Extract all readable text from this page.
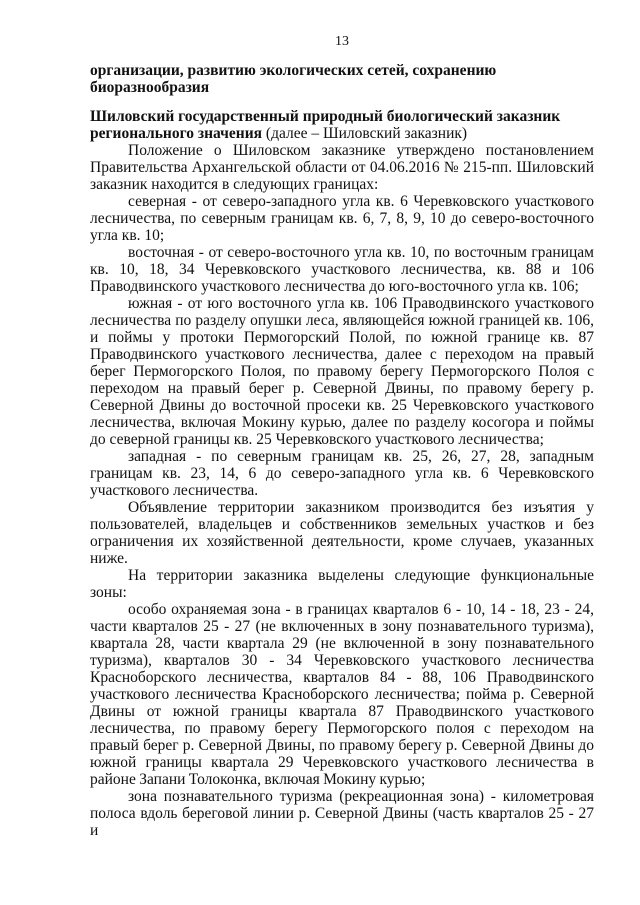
13
организации, развитию экологических сетей, сохранению биоразнообразия
Шиловский государственный природный биологический заказник регионального значения (далее – Шиловский заказник)

Положение о Шиловском заказнике утверждено постановлением Правительства Архангельской области от 04.06.2016 № 215-пп. Шиловский заказник находится в следующих границах:

северная - от северо-западного угла кв. 6 Черевковского участкового лесничества, по северным границам кв. 6, 7, 8, 9, 10 до северо-восточного угла кв. 10;

восточная - от северо-восточного угла кв. 10, по восточным границам кв. 10, 18, 34 Черевковского участкового лесничества, кв. 88 и 106 Праводвинского участкового лесничества до юго-восточного угла кв. 106;

южная - от юго восточного угла кв. 106 Праводвинского участкового лесничества по разделу опушки леса, являющейся южной границей кв. 106, и поймы у протоки Пермогорский Полой, по южной границе кв. 87 Праводвинского участкового лесничества, далее с переходом на правый берег Пермогорского Полоя, по правому берегу Пермогорского Полоя с переходом на правый берег р. Северной Двины, по правому берегу р. Северной Двины до восточной просеки кв. 25 Черевковского участкового лесничества, включая Мокину курью, далее по разделу косогора и поймы до северной границы кв. 25 Черевковского участкового лесничества;

западная - по северным границам кв. 25, 26, 27, 28, западным границам кв. 23, 14, 6 до северо-западного угла кв. 6 Черевковского участкового лесничества.

Объявление территории заказником производится без изъятия у пользователей, владельцев и собственников земельных участков и без ограничения их хозяйственной деятельности, кроме случаев, указанных ниже.

На территории заказника выделены следующие функциональные зоны:

особо охраняемая зона - в границах кварталов 6 - 10, 14 - 18, 23 - 24, части кварталов 25 - 27 (не включенных в зону познавательного туризма), квартала 28, части квартала 29 (не включенной в зону познавательного туризма), кварталов 30 - 34 Черевковского участкового лесничества Красноборского лесничества, кварталов 84 - 88, 106 Праводвинского участкового лесничества Красноборского лесничества; пойма р. Северной Двины от южной границы квартала 87 Праводвинского участкового лесничества, по правому берегу Пермогорского полоя с переходом на правый берег р. Северной Двины, по правому берегу р. Северной Двины до южной границы квартала 29 Черевковского участкового лесничества в районе Запани Толоконка, включая Мокину курью;

зона познавательного туризма (рекреационная зона) - километровая полоса вдоль береговой линии р. Северной Двины (часть кварталов 25 - 27 и
